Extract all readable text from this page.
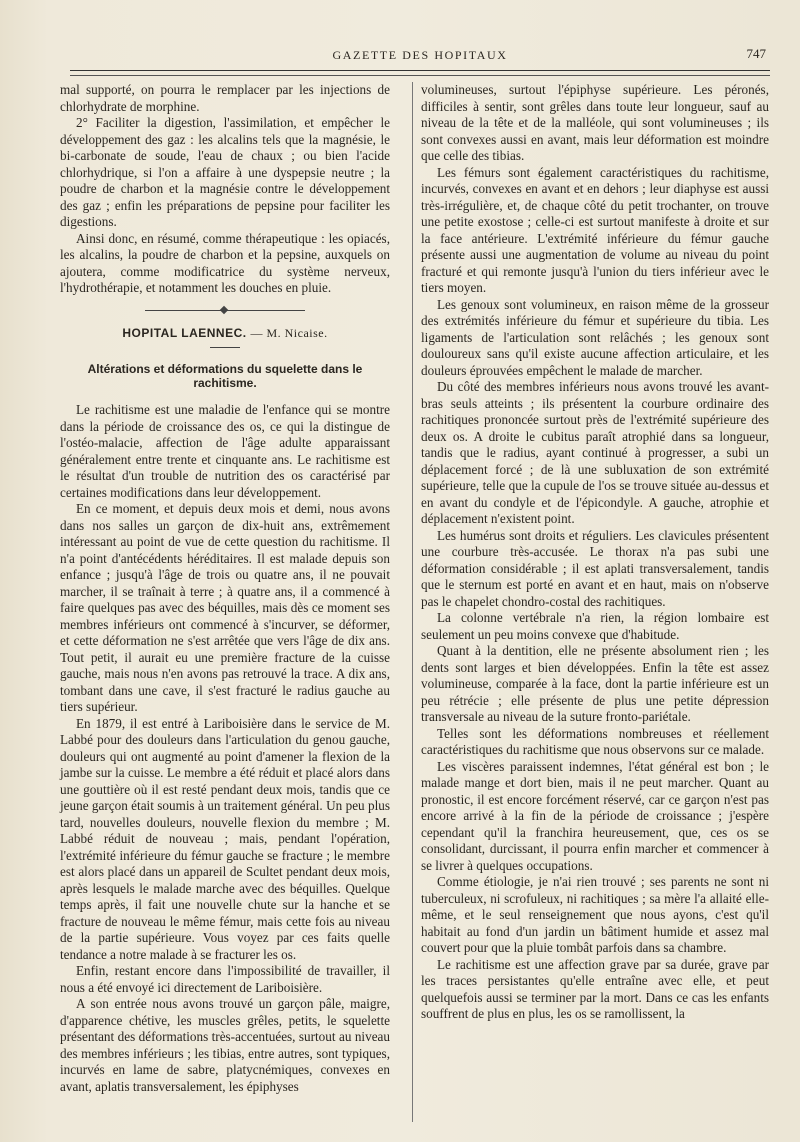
GAZETTE DES HOPITAUX	747

mal supporté, on pourra le remplacer par les injections de chlorhydrate de morphine.

2° Faciliter la digestion, l'assimilation, et empêcher le développement des gaz : les alcalins tels que la magnésie, le bi-carbonate de soude, l'eau de chaux ; ou bien l'acide chlorhydrique, si l'on a affaire à une dyspepsie neutre ; la poudre de charbon et la magnésie contre le développement des gaz ; enfin les préparations de pepsine pour faciliter les digestions.

Ainsi donc, en résumé, comme thérapeutique : les opiacés, les alcalins, la poudre de charbon et la pepsine, auxquels on ajoutera, comme modificatrice du système nerveux, l'hydrothérapie, et notamment les douches en pluie.

HOPITAL LAENNEC. — M. Nicaise.
Altérations et déformations du squelette dans le rachitisme.

Le rachitisme est une maladie de l'enfance qui se montre dans la période de croissance des os, ce qui la distingue de l'ostéo-malacie, affection de l'âge adulte apparaissant généralement entre trente et cinquante ans. Le rachitisme est le résultat d'un trouble de nutrition des os caractérisé par certaines modifications dans leur développement.

En ce moment, et depuis deux mois et demi, nous avons dans nos salles un garçon de dix-huit ans, extrêmement intéressant au point de vue de cette question du rachitisme. Il n'a point d'antécédents héréditaires. Il est malade depuis son enfance ; jusqu'à l'âge de trois ou quatre ans, il ne pouvait marcher, il se traînait à terre ; à quatre ans, il a commencé à faire quelques pas avec des béquilles, mais dès ce moment ses membres inférieurs ont commencé à s'incurver, se déformer, et cette déformation ne s'est arrêtée que vers l'âge de dix ans. Tout petit, il aurait eu une première fracture de la cuisse gauche, mais nous n'en avons pas retrouvé la trace. A dix ans, tombant dans une cave, il s'est fracturé le radius gauche au tiers supérieur.

En 1879, il est entré à Lariboisière dans le service de M. Labbé pour des douleurs dans l'articulation du genou gauche, douleurs qui ont augmenté au point d'amener la flexion de la jambe sur la cuisse. Le membre a été réduit et placé alors dans une gouttière où il est resté pendant deux mois, tandis que ce jeune garçon était soumis à un traitement général. Un peu plus tard, nouvelles douleurs, nouvelle flexion du membre ; M. Labbé réduit de nouveau ; mais, pendant l'opération, l'extrémité inférieure du fémur gauche se fracture ; le membre est alors placé dans un appareil de Scultet pendant deux mois, après lesquels le malade marche avec des béquilles. Quelque temps après, il fait une nouvelle chute sur la hanche et se fracture de nouveau le même fémur, mais cette fois au niveau de la partie supérieure. Vous voyez par ces faits quelle tendance a notre malade à se fracturer les os.

Enfin, restant encore dans l'impossibilité de travailler, il nous a été envoyé ici directement de Lariboisière.

A son entrée nous avons trouvé un garçon pâle, maigre, d'apparence chétive, les muscles grêles, petits, le squelette présentant des déformations très-accentuées, surtout au niveau des membres inférieurs ; les tibias, entre autres, sont typiques, incurvés en lame de sabre, platycnémiques, convexes en avant, aplatis transversalement, les épiphyses

volumineuses, surtout l'épiphyse supérieure. Les péronés, difficiles à sentir, sont grêles dans toute leur longueur, sauf au niveau de la tête et de la malléole, qui sont volumineuses ; ils sont convexes aussi en avant, mais leur déformation est moindre que celle des tibias.

Les fémurs sont également caractéristiques du rachitisme, incurvés, convexes en avant et en dehors ; leur diaphyse est aussi très-irrégulière, et, de chaque côté du petit trochanter, on trouve une petite exostose ; celle-ci est surtout manifeste à droite et sur la face antérieure. L'extrémité inférieure du fémur gauche présente aussi une augmentation de volume au niveau du point fracturé et qui remonte jusqu'à l'union du tiers inférieur avec le tiers moyen.

Les genoux sont volumineux, en raison même de la grosseur des extrémités inférieure du fémur et supérieure du tibia. Les ligaments de l'articulation sont relâchés ; les genoux sont douloureux sans qu'il existe aucune affection articulaire, et les douleurs éprouvées empêchent le malade de marcher.

Du côté des membres inférieurs nous avons trouvé les avant-bras seuls atteints ; ils présentent la courbure ordinaire des rachitiques prononcée surtout près de l'extrémité supérieure des deux os. A droite le cubitus paraît atrophié dans sa longueur, tandis que le radius, ayant continué à progresser, a subi un déplacement forcé ; de là une subluxation de son extrémité supérieure, telle que la cupule de l'os se trouve située au-dessus et en avant du condyle et de l'épicondyle. A gauche, atrophie et déplacement n'existent point.

Les humérus sont droits et réguliers. Les clavicules présentent une courbure très-accusée. Le thorax n'a pas subi une déformation considérable ; il est aplati transversalement, tandis que le sternum est porté en avant et en haut, mais on n'observe pas le chapelet chondro-costal des rachitiques.

La colonne vertébrale n'a rien, la région lombaire est seulement un peu moins convexe que d'habitude.

Quant à la dentition, elle ne présente absolument rien ; les dents sont larges et bien développées. Enfin la tête est assez volumineuse, comparée à la face, dont la partie inférieure est un peu rétrécie ; elle présente de plus une petite dépression transversale au niveau de la suture fronto-pariétale.

Telles sont les déformations nombreuses et réellement caractéristiques du rachitisme que nous observons sur ce malade.

Les viscères paraissent indemnes, l'état général est bon ; le malade mange et dort bien, mais il ne peut marcher. Quant au pronostic, il est encore forcément réservé, car ce garçon n'est pas encore arrivé à la fin de la période de croissance ; j'espère cependant qu'il la franchira heureusement, que, ces os se consolidant, durcissant, il pourra enfin marcher et commencer à se livrer à quelques occupations.

Comme étiologie, je n'ai rien trouvé ; ses parents ne sont ni tuberculeux, ni scrofuleux, ni rachitiques ; sa mère l'a allaité elle-même, et le seul renseignement que nous ayons, c'est qu'il habitait au fond d'un jardin un bâtiment humide et assez mal couvert pour que la pluie tombât parfois dans sa chambre.

Le rachitisme est une affection grave par sa durée, grave par les traces persistantes qu'elle entraîne avec elle, et peut quelquefois aussi se terminer par la mort. Dans ce cas les enfants souffrent de plus en plus, les os se ramollissent, la
